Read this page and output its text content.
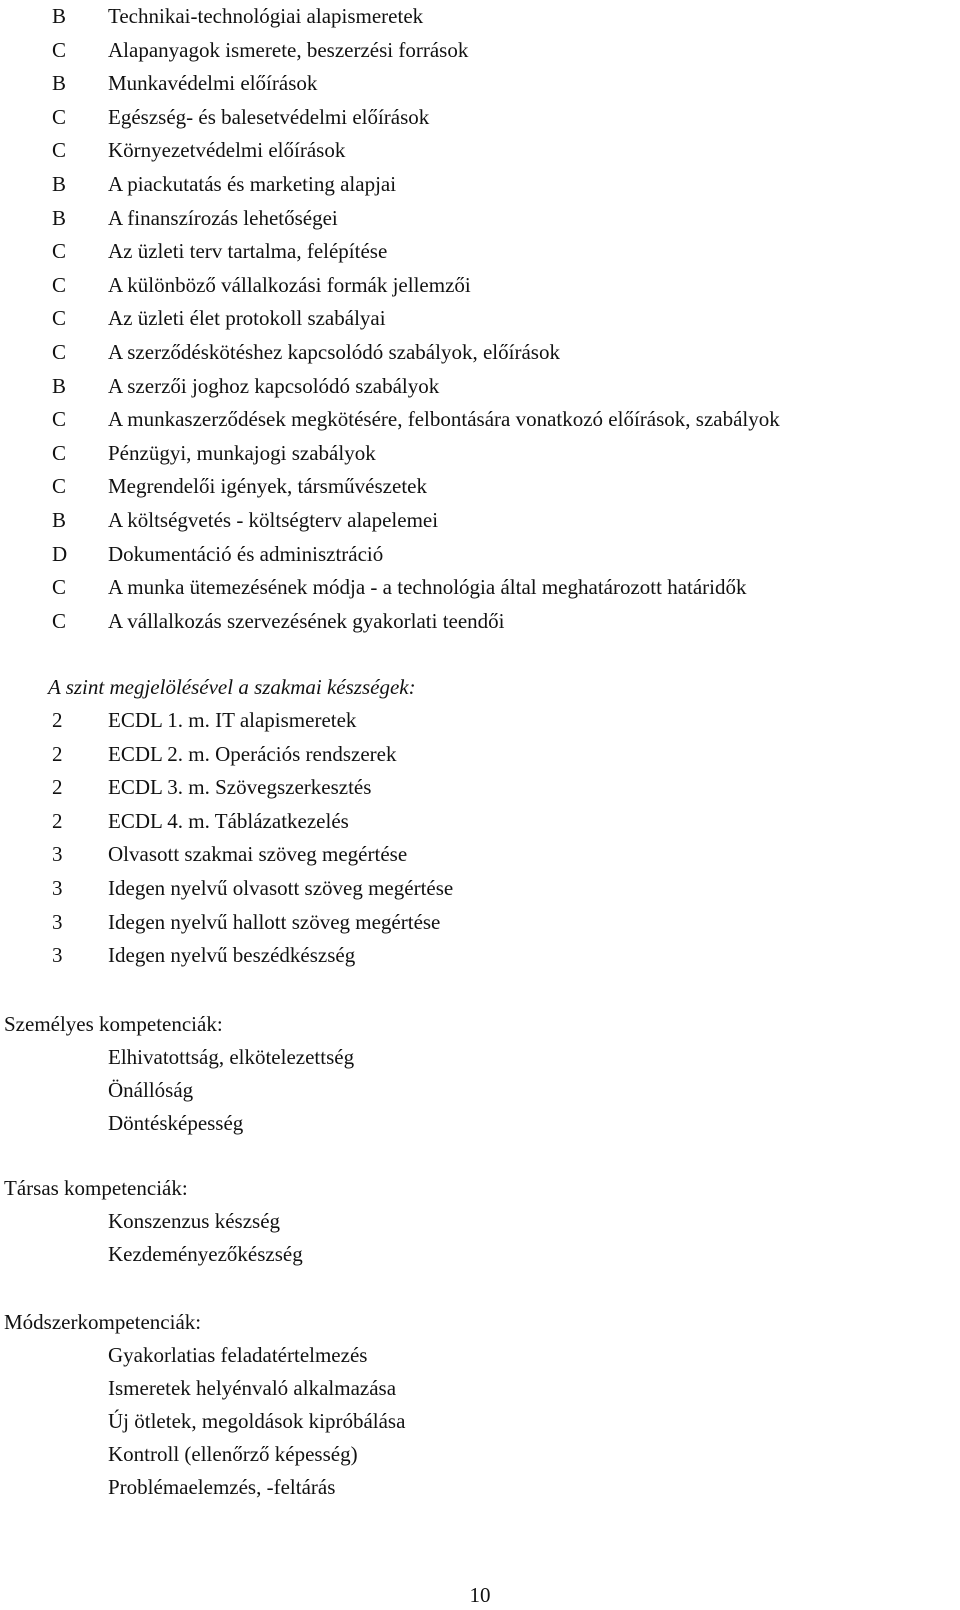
B Technikai-technológiai alapismeretek
C Alapanyagok ismerete, beszerzési források
B Munkavédelmi előírások
C Egészség- és balesetvédelmi előírások
C Környezetvédelmi előírások
B A piackutatás és marketing alapjai
B A finanszírozás lehetőségei
C Az üzleti terv tartalma, felépítése
C A különböző vállalkozási formák jellemzői
C Az üzleti élet protokoll szabályai
C A szerződéskötéshez kapcsolódó szabályok, előírások
B A szerzői joghoz kapcsolódó szabályok
C A munkaszerződések megkötésére, felbontására vonatkozó előírások, szabályok
C Pénzügyi, munkajogi szabályok
C Megrendelői igények, társművészetek
B A költségvetés - költségterv alapelemei
D Dokumentáció és adminisztráció
C A munka ütemezésének módja - a technológia által meghatározott határidők
C A vállalkozás szervezésének gyakorlati teendői
A szint megjelölésével a szakmai készségek:
2 ECDL 1. m. IT alapismeretek
2 ECDL 2. m. Operációs rendszerek
2 ECDL 3. m. Szövegszerkesztés
2 ECDL 4. m. Táblázatkezelés
3 Olvasott szakmai szöveg megértése
3 Idegen nyelvű olvasott szöveg megértése
3 Idegen nyelvű hallott szöveg megértése
3 Idegen nyelvű beszédkészség
Személyes kompetenciák:
Elhivatottság, elkötelezettség
Önállóság
Döntésképesség
Társas kompetenciák:
Konszenzus készség
Kezdeményezőkészség
Módszerkompetenciák:
Gyakorlatias feladatértelmezés
Ismeretek helyénvaló alkalmazása
Új ötletek, megoldások kipróbálása
Kontroll (ellenőrző képesség)
Problémaelemzés, -feltárás
10
